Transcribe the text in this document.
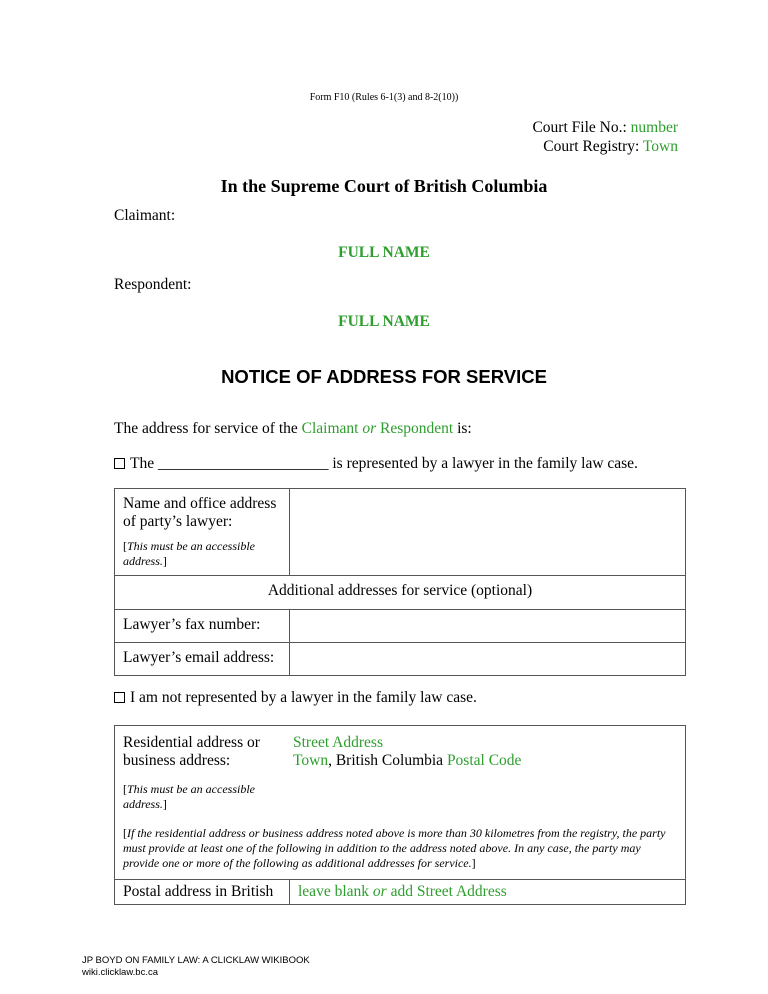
Form F10 (Rules 6-1(3) and 8-2(10))
Court File No.: number
Court Registry: Town
In the Supreme Court of British Columbia
Claimant:
FULL NAME
Respondent:
FULL NAME
NOTICE OF ADDRESS FOR SERVICE
The address for service of the Claimant or Respondent is:
The ______________________ is represented by a lawyer in the family law case.
Name and office address of party’s lawyer:
[This must be an accessible address.]	

Additional addresses for service (optional)	
Lawyer’s fax number:	
Lawyer’s email address:	
I am not represented by a lawyer in the family law case.
Residential address or business address:
Street Address
Town, British Columbia Postal Code
[This must be an accessible address.]
[If the residential address or business address noted above is more than 30 kilometres from the registry, the party must provide at least one of the following in addition to the address noted above. In any case, the party may provide one or more of the following as additional addresses for service.]

Postal address in British	leave blank or add Street Address
JP BOYD ON FAMILY LAW: A CLICKLAW WIKIBOOK
wiki.clicklaw.bc.ca
